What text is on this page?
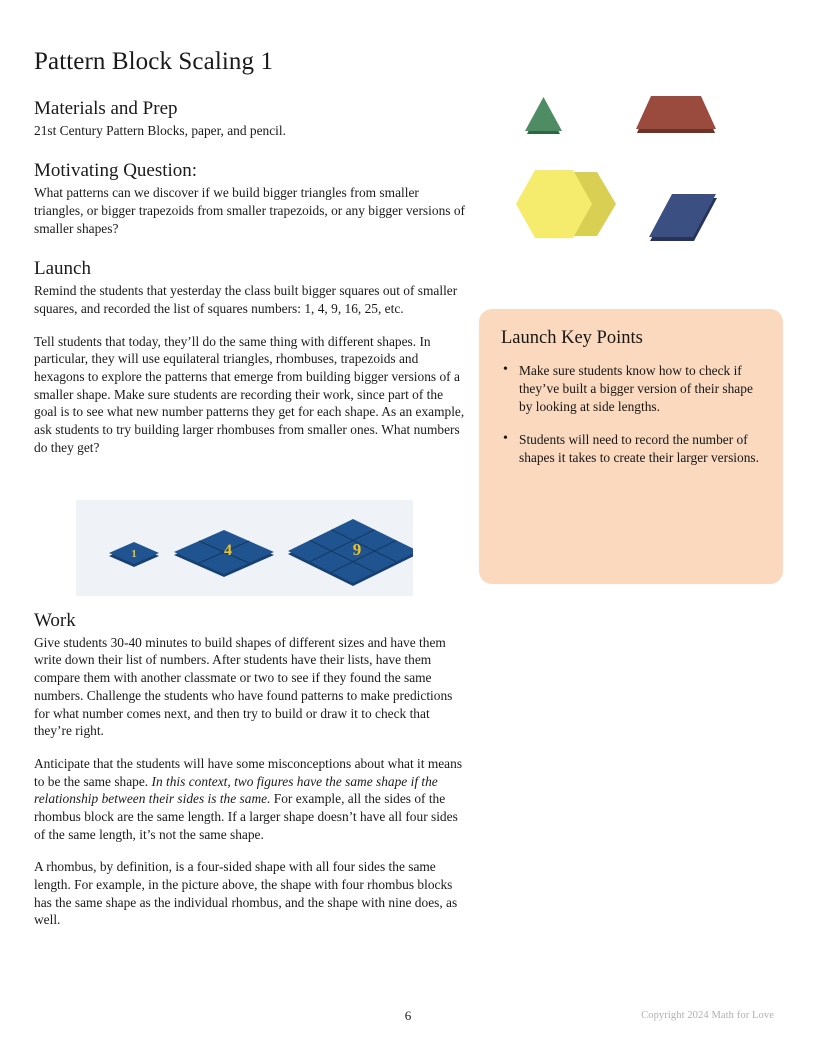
Pattern Block Scaling 1
Materials and Prep

21st Century Pattern Blocks, paper, and pencil.

Motivating Question:

What patterns can we discover if we build bigger triangles from smaller triangles, or bigger trapezoids from smaller trapezoids, or any bigger versions of smaller shapes?

Launch

Remind the students that yesterday the class built bigger squares out of smaller squares, and recorded the list of squares numbers: 1, 4, 9, 16, 25, etc.

Tell students that today, they’ll do the same thing with different shapes. In particular, they will use equilateral triangles, rhombuses, trapezoids and hexagons to explore the patterns that emerge from building bigger versions of a smaller shape. Make sure students are recording their work, since part of the goal is to see what new number patterns they get for each shape. As an example, ask students to try building larger rhombuses from smaller ones. What numbers do they get?

1	4	9
Work

Give students 30-40 minutes to build shapes of different sizes and have them write down their list of numbers. After students have their lists, have them compare them with another classmate or two to see if they found the same numbers. Challenge the students who have found patterns to make predictions for what number comes next, and then try to build or draw it to check that they’re right.

Anticipate that the students will have some misconceptions about what it means to be the same shape. In this context, two figures have the same shape if the relationship between their sides is the same. For example, all the sides of the rhombus block are the same length. If a larger shape doesn’t have all four sides of the same length, it’s not the same shape.

A rhombus, by definition, is a four-sided shape with all four sides the same length. For example, in the picture above, the shape with four rhombus blocks has the same shape as the individual rhombus, and the shape with nine does, as well.

Launch Key Points
• Make sure students know how to check if they’ve built a bigger version of their shape by looking at side lengths.
• Students will need to record the number of shapes it takes to create their larger versions.
6	Copyright 2024 Math for Love
